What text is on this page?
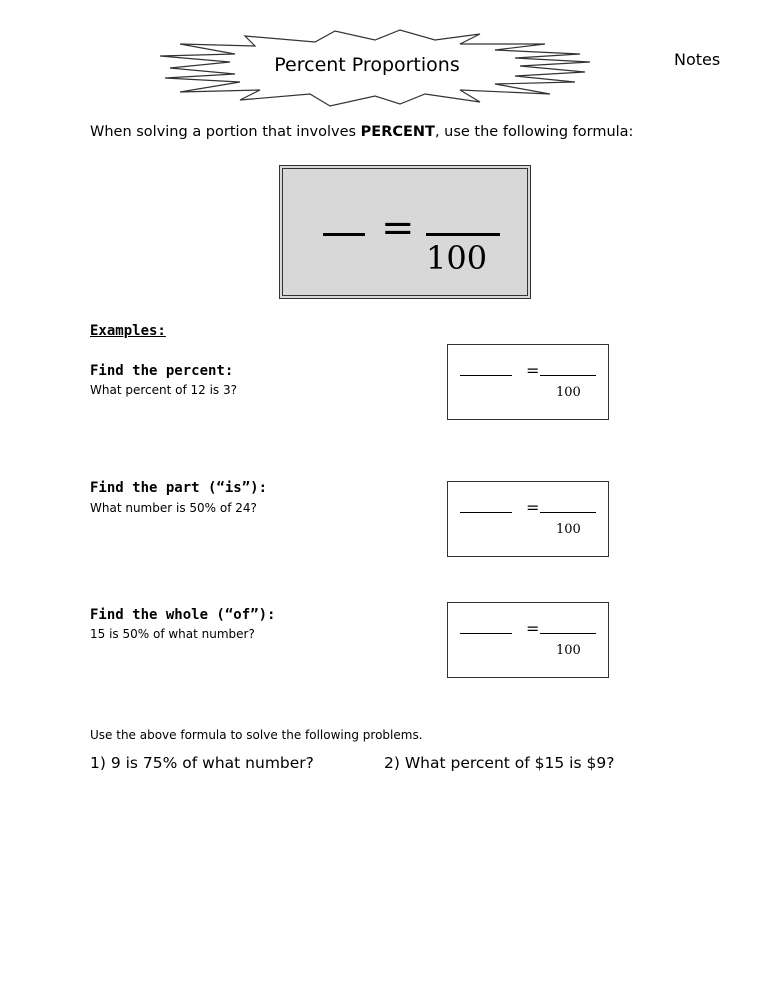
Percent Proportions	Notes
When solving a portion that involves PERCENT, use the following formula:
=
100
Examples:
Find the percent:
What percent of 12 is 3?
=
100
Find the part (“is”):
What number is 50% of 24?	=
100
Find the whole (“of”):
15 is 50% of what number?	=
100
Use the above formula to solve the following problems.
1) 9 is 75% of what number?	2) What percent of $15 is $9?
